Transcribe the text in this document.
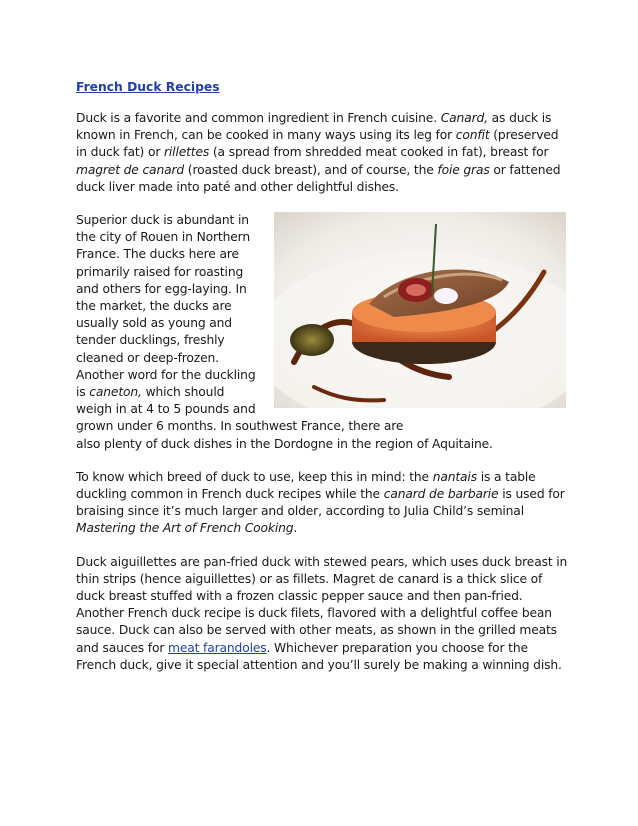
French Duck Recipes

Duck is a favorite and common ingredient in French cuisine. Canard, as duck is known in French, can be cooked in many ways using its leg for confit (preserved in duck fat) or rillettes (a spread from shredded meat cooked in fat), breast for magret de canard (roasted duck breast), and of course, the foie gras or fattened duck liver made into paté and other delightful dishes.

Superior duck is abundant in the city of Rouen in Northern France. The ducks here are primarily raised for roasting and others for egg-laying. In the market, the ducks are usually sold as young and tender ducklings, freshly cleaned or deep-frozen. Another word for the duckling is caneton, which should weigh in at 4 to 5 pounds and grown under 6 months. In southwest France, there are

also plenty of duck dishes in the Dordogne in the region of Aquitaine.

To know which breed of duck to use, keep this in mind: the nantais is a table duckling common in French duck recipes while the canard de barbarie is used for braising since it’s much larger and older, according to Julia Child’s seminal Mastering the Art of French Cooking.

Duck aiguillettes are pan-fried duck with stewed pears, which uses duck breast in thin strips (hence aiguillettes) or as fillets. Magret de canard is a thick slice of duck breast stuffed with a frozen classic pepper sauce and then pan-fried. Another French duck recipe is duck filets, flavored with a delightful coffee bean sauce. Duck can also be served with other meats, as shown in the grilled meats and sauces for meat farandoles. Whichever preparation you choose for the French duck, give it special attention and you’ll surely be making a winning dish.
